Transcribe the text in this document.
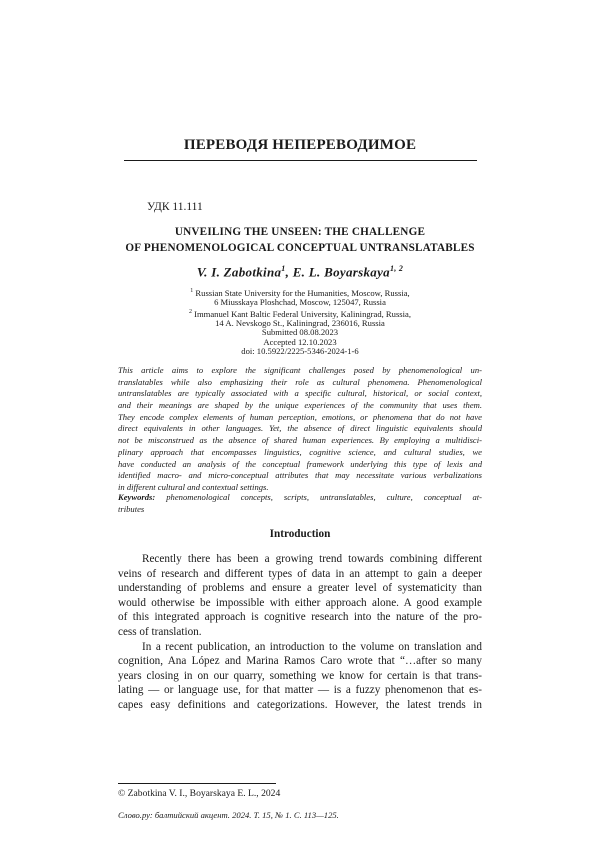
ПЕРЕВОДЯ НЕПЕРЕВОДИМОЕ
УДК 11.111
UNVEILING THE UNSEEN: THE CHALLENGE
OF PHENOMENOLOGICAL CONCEPTUAL UNTRANSLATABLES
V. I. Zabotkina$^1$, E. L. Boyarskaya$^{1, 2}$
$^1$ Russian State University for the Humanities, Moscow, Russia,
6 Miusskaya Ploshchad, Moscow, 125047, Russia
$^2$ Immanuel Kant Baltic Federal University, Kaliningrad, Russia,
14 A. Nevskogo St., Kaliningrad, 236016, Russia
Submitted 08.08.2023
Accepted 12.10.2023
doi: 10.5922/2225-5346-2024-1-6
This article aims to explore the significant challenges posed by phenomenological un-
translatables while also emphasizing their role as cultural phenomena. Phenomenological
untranslatables are typically associated with a specific cultural, historical, or social context,
and their meanings are shaped by the unique experiences of the community that uses them.
They encode complex elements of human perception, emotions, or phenomena that do not have
direct equivalents in other languages. Yet, the absence of direct linguistic equivalents should
not be misconstrued as the absence of shared human experiences. By employing a multidisci-
plinary approach that encompasses linguistics, cognitive science, and cultural studies, we
have conducted an analysis of the conceptual framework underlying this type of lexis and
identified macro- and micro-conceptual attributes that may necessitate various verbalizations
in different cultural and contextual settings.
Keywords: phenomenological concepts, scripts, untranslatables, culture, conceptual at-
tributes
Introduction
Recently there has been a growing trend towards combining different
veins of research and different types of data in an attempt to gain a deeper
understanding of problems and ensure a greater level of systematicity than
would otherwise be impossible with either approach alone. A good example
of this integrated approach is cognitive research into the nature of the pro-
cess of translation.
In a recent publication, an introduction to the volume on translation and
cognition, Ana López and Marina Ramos Caro wrote that “…after so many
years closing in on our quarry, something we know for certain is that trans-
lating — or language use, for that matter — is a fuzzy phenomenon that es-
capes easy definitions and categorizations. However, the latest trends in
© Zabotkina V. I., Boyarskaya E. L., 2024
Слово.ру: балтийский акцент. 2024. Т. 15, № 1. С. 113—125.
